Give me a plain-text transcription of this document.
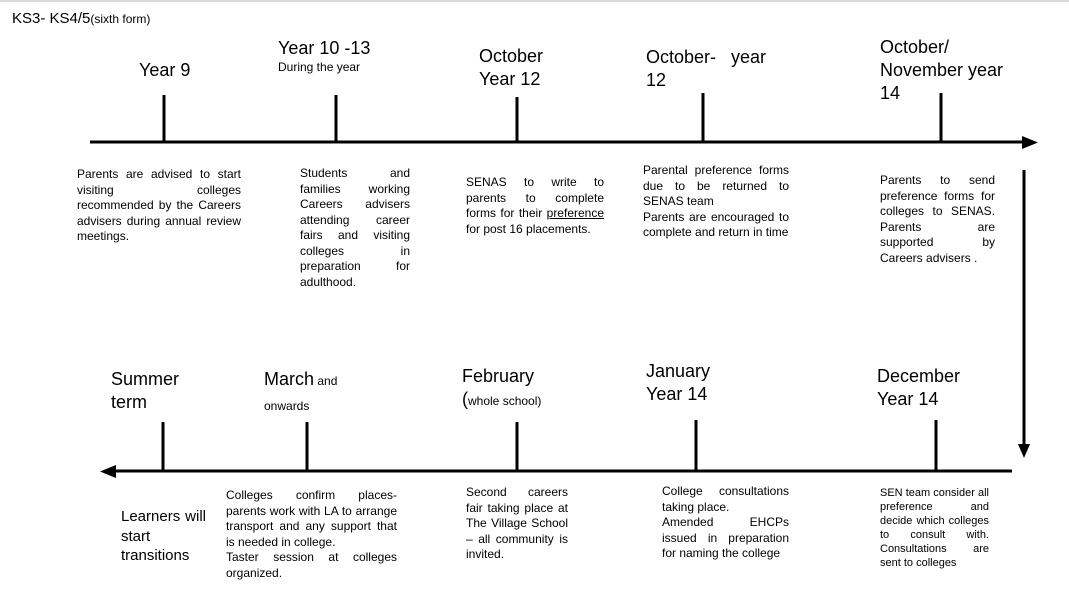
KS3- KS4/5(sixth form)
Year 9
Year 10 -13
During the year
October Year 12
October-   year 12
October/ November year 14

Parents are advised to start visiting colleges recommended by the Careers advisers during annual review meetings.

Students and families working Careers advisers attending career fairs and visiting colleges in preparation for adulthood.

SENAS to write to parents to complete forms for their preference for post 16 placements.

Parental preference forms due to be returned to SENAS team

Parents are encouraged to complete and return in time

Parents to send preference forms for colleges to SENAS. Parents are supported by Careers advisers .

Summer term
March and onwards
February
(whole school)
January Year 14
December Year 14

Learners will start transitions

Colleges confirm places- parents work with LA to arrange transport and any support that is needed in college.

Taster session at colleges organized.

Second careers fair taking place at The Village School – all community is invited.

College consultations taking place.

Amended EHCPs issued in preparation for naming the college

SEN team consider all preference and decide which colleges to consult with. Consultations are sent to colleges
